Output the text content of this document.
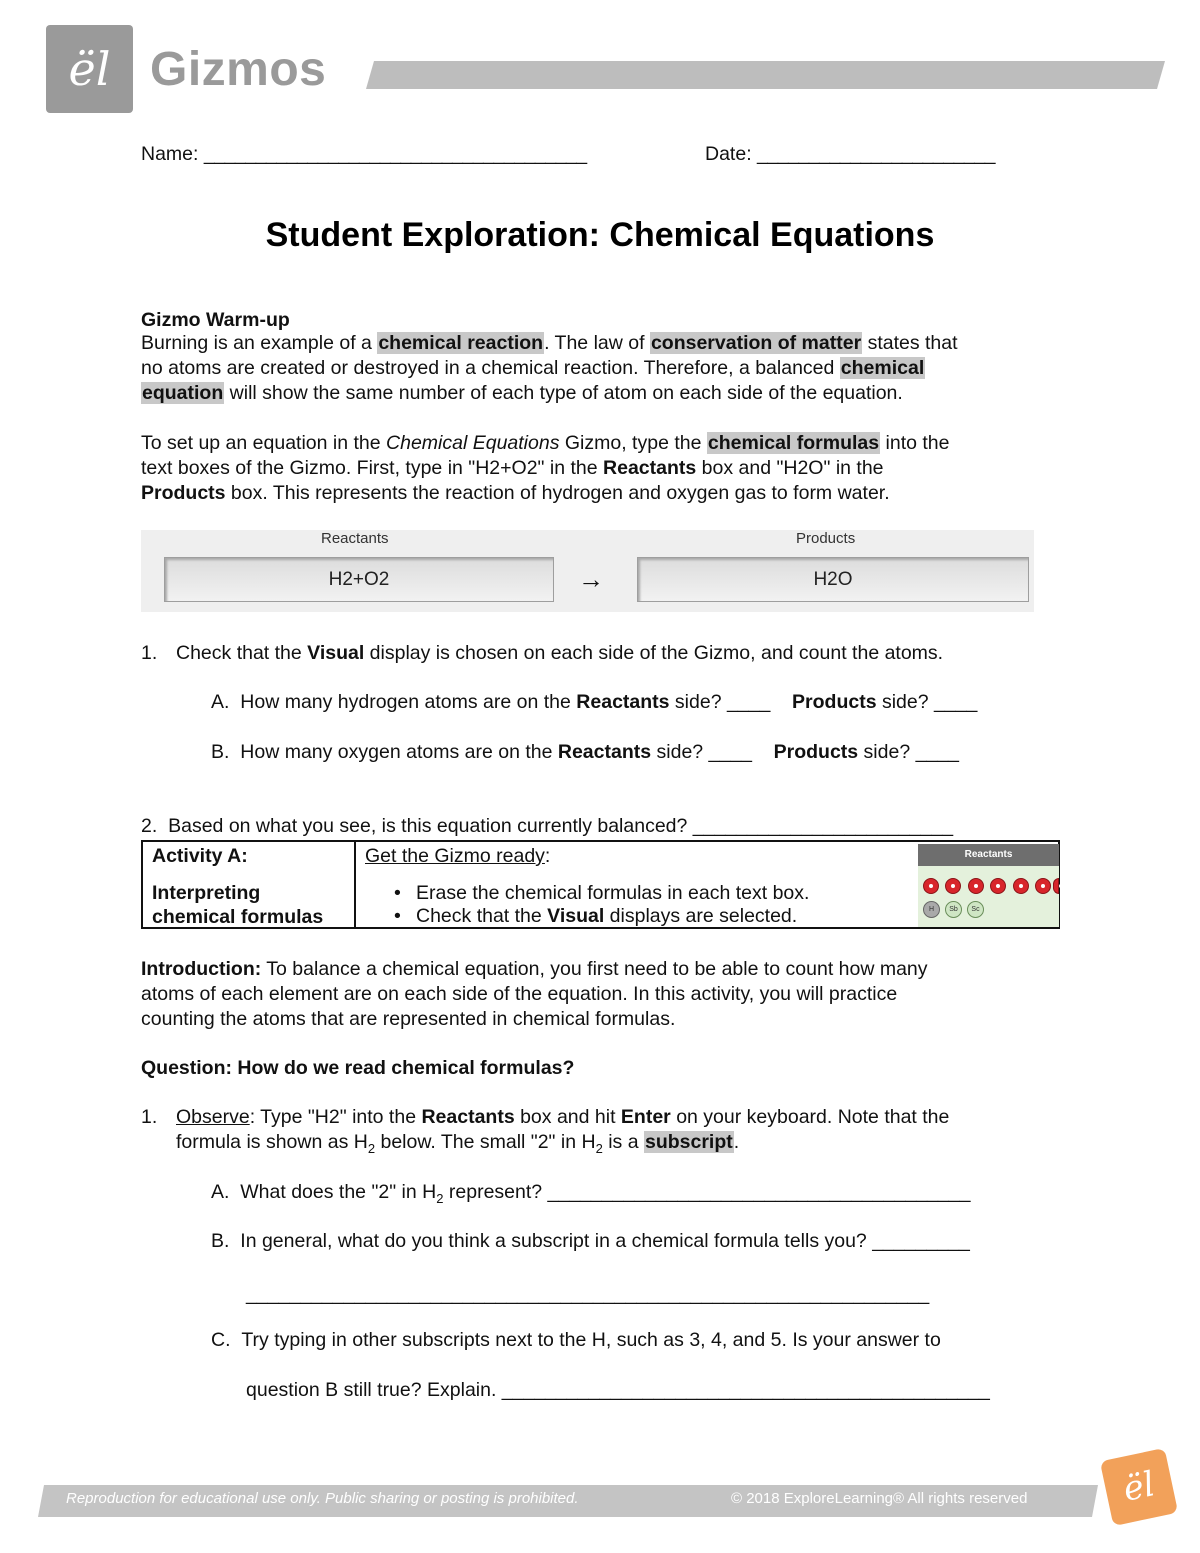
ël Gizmos
Name: _____________________________________	Date: _______________________
Student Exploration: Chemical Equations
Gizmo Warm-up
Burning is an example of a chemical reaction. The law of conservation of matter states that
no atoms are created or destroyed in a chemical reaction. Therefore, a balanced chemical
equation will show the same number of each type of atom on each side of the equation.
To set up an equation in the Chemical Equations Gizmo, type the chemical formulas into the
text boxes of the Gizmo. First, type in "H2+O2" in the Reactants box and "H2O" in the
Products box. This represents the reaction of hydrogen and oxygen gas to form water.
Reactants
H2+O2	→
Products
H2O
1. Check that the Visual display is chosen on each side of the Gizmo, and count the atoms.
A. How many hydrogen atoms are on the Reactants side? ____ Products side? ____
B. How many oxygen atoms are on the Reactants side? ____ Products side? ____
2. Based on what you see, is this equation currently balanced? ________________________
Activity A:
Interpreting
chemical formulas
Get the Gizmo ready:
• Erase the chemical formulas in each text box.
• Check that the Visual displays are selected.
Reactants
H	Sb	Sc
Introduction: To balance a chemical equation, you first need to be able to count how many
atoms of each element are on each side of the equation. In this activity, you will practice
counting the atoms that are represented in chemical formulas.
Question: How do we read chemical formulas?
1. Observe: Type "H2" into the Reactants box and hit Enter on your keyboard. Note that the
formula is shown as $H_2$ below. The small "2" in $H_2$ is a subscript.
A. What does the "2" in $H_2$ represent? _______________________________________
B. In general, what do you think a subscript in a chemical formula tells you? _________
_______________________________________________________________
C. Try typing in other subscripts next to the H, such as 3, 4, and 5. Is your answer to
question B still true? Explain. _____________________________________________
Reproduction for educational use only. Public sharing or posting is prohibited.	© 2018 ExploreLearning® All rights reserved	ël
